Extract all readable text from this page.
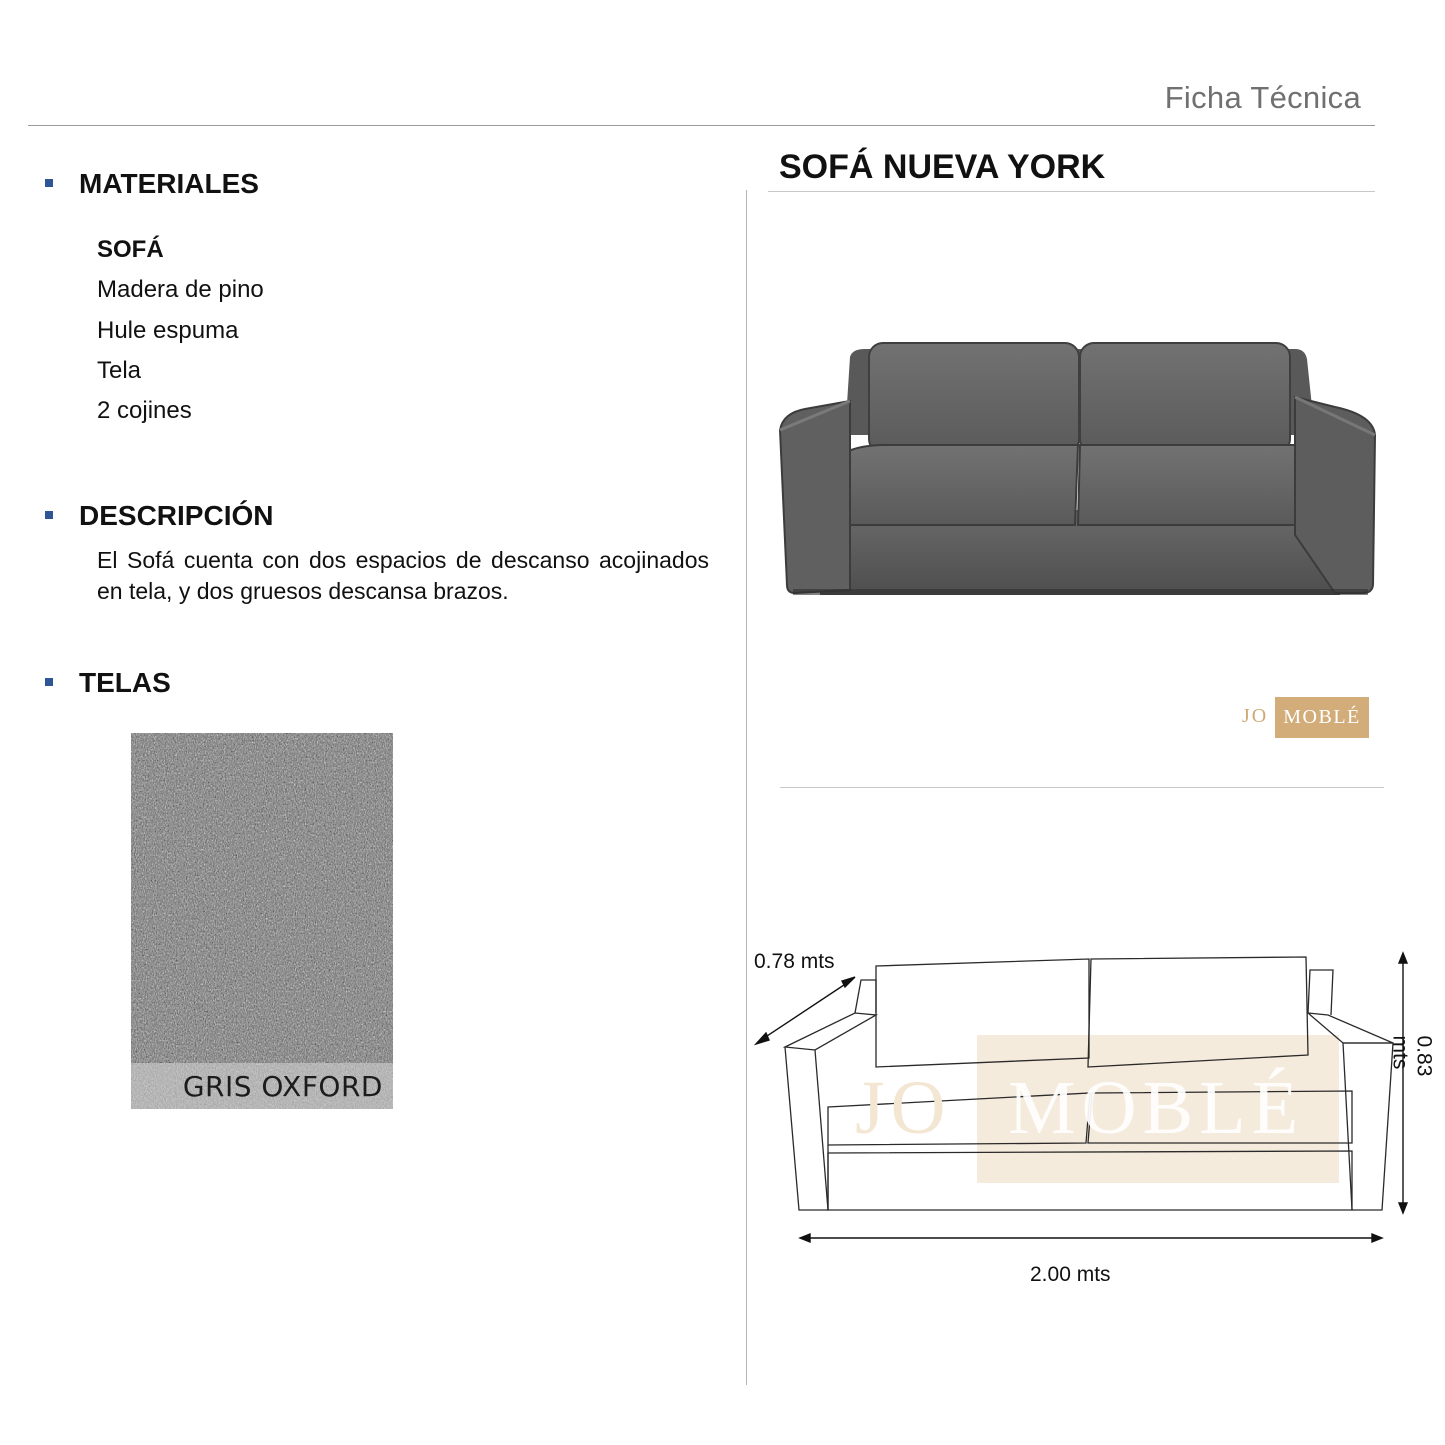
Ficha Técnica
MATERIALES
SOFÁ
Madera de pino
Hule espuma
Tela
2 cojines
DESCRIPCIÓN
El Sofá cuenta con dos espacios de descanso acojinados en tela, y dos gruesos descansa brazos.
TELAS
GRIS OXFORD
SOFÁ NUEVA YORK
JO MOBLÉ
JO MOBLÉ
0.78 mts
2.00 mts
0.83 mts
